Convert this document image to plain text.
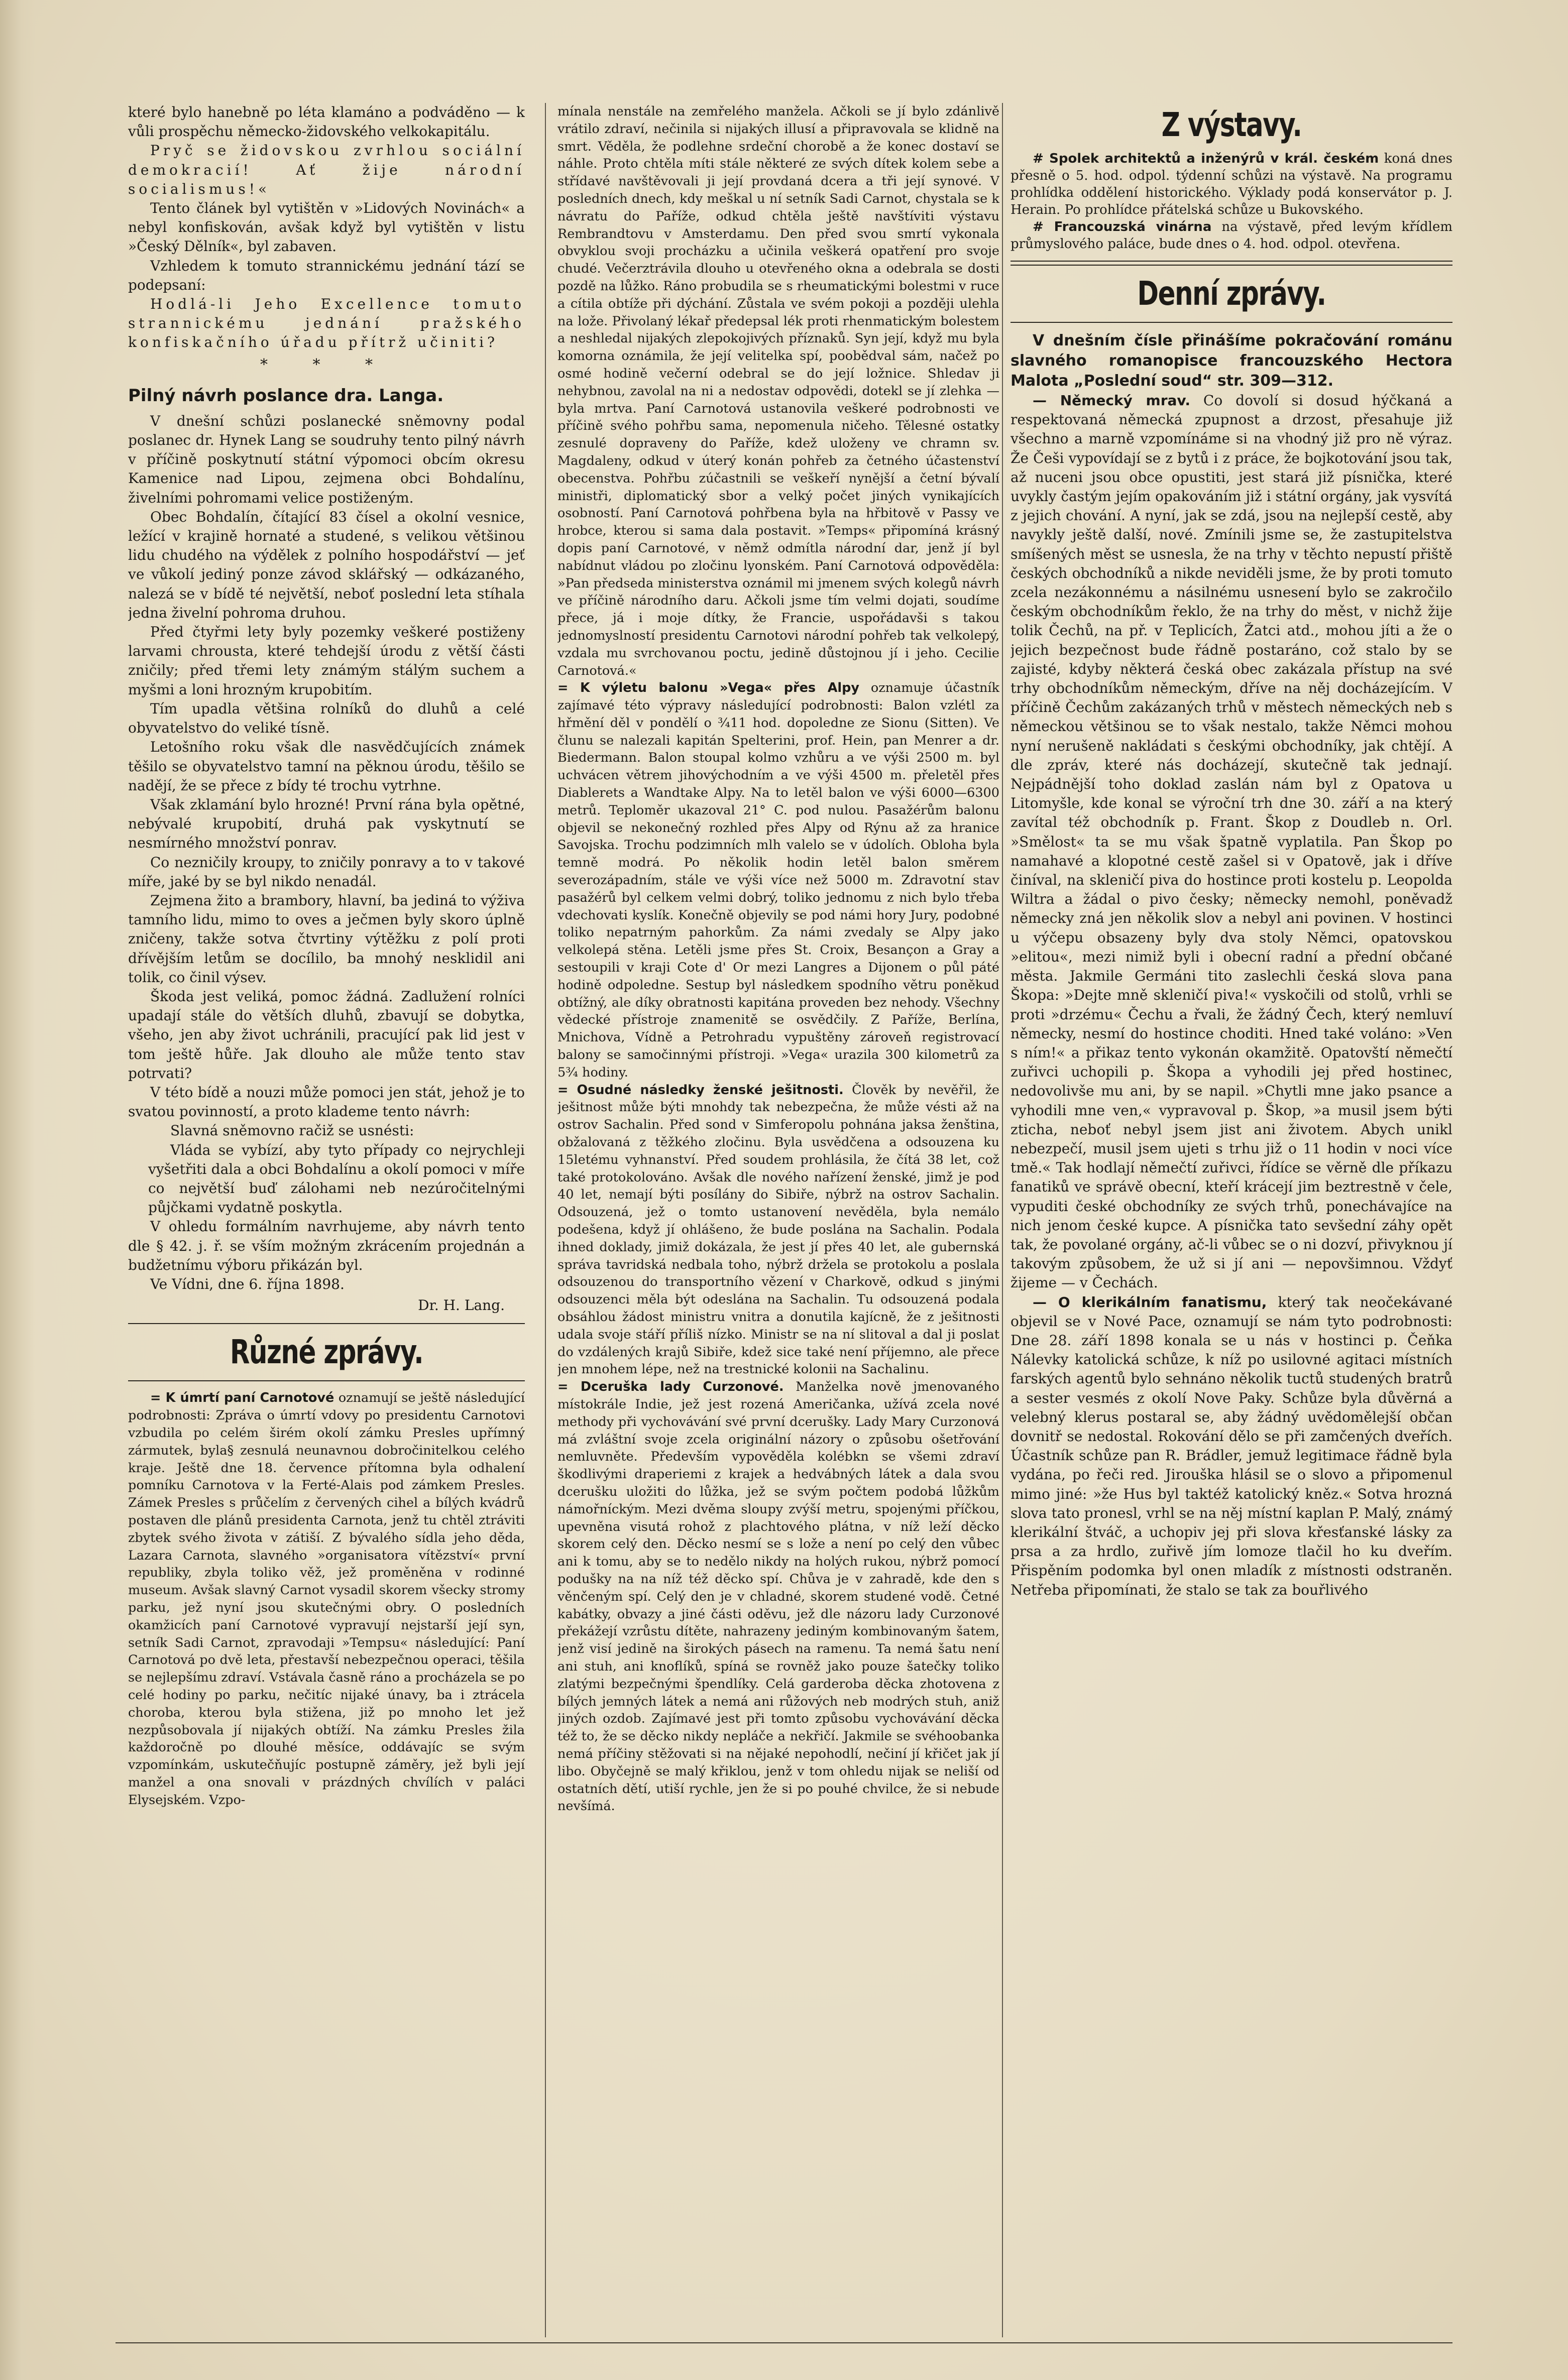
které bylo hanebně po léta klamáno a podváděno — k vůli prospěchu německo-židovského velkokapitálu.

Pryč se židovskou zvrhlou sociální demokracií! Ať žije národní socialismus!«

Tento článek byl vytištěn v »Lidových Novinách« a nebyl konfiskován, avšak když byl vytištěn v listu »Český Dělník«, byl zabaven.

Vzhledem k tomuto strannickému jednání tází se podepsaní:

Hodlá-li Jeho Excellence tomuto strannickému jednání pražského konfiskačního úřadu přítrž učiniti?

* * *

Pilný návrh poslance dra. Langa.

V dnešní schůzi poslanecké sněmovny podal poslanec dr. Hynek Lang se soudruhy tento pilný návrh v příčině poskytnutí státní výpomoci obcím okresu Kamenice nad Lipou, zejmena obci Bohdalínu, živelními pohromami velice postiženým.

Obec Bohdalín, čítající 83 čísel a okolní vesnice, ležící v krajině hornaté a studené, s velikou většinou lidu chudého na výdělek z polního hospodářství — jeť ve vůkolí jediný ponze závod sklářský — odkázaného, nalezá se v bídě té největší, neboť poslední leta stíhala jedna živelní pohroma druhou.

Před čtyřmi lety byly pozemky veškeré postiženy larvami chrousta, které tehdejší úrodu z větší části zničily; před třemi lety známým stálým suchem a myšmi a loni hrozným krupobitím.

Tím upadla většina rolníků do dluhů a celé obyvatelstvo do veliké tísně.

Letošního roku však dle nasvědčujících známek těšilo se obyvatelstvo tamní na pěknou úrodu, těšilo se nadějí, že se přece z bídy té trochu vytrhne.

Však zklamání bylo hrozné! První rána byla opětné, nebývalé krupobití, druhá pak vyskytnutí se nesmírného množství ponrav.

Co nezničily kroupy, to zničily ponravy a to v takové míře, jaké by se byl nikdo nenadál.

Zejmena žito a brambory, hlavní, ba jediná to výživa tamního lidu, mimo to oves a ječmen byly skoro úplně zničeny, takže sotva čtvrtiny výtěžku z polí proti dřívějším letům se docílilo, ba mnohý nesklidil ani tolik, co činil výsev.

Škoda jest veliká, pomoc žádná. Zadlužení rolníci upadají stále do větších dluhů, zbavují se dobytka, všeho, jen aby život uchránili, pracující pak lid jest v tom ještě hůře. Jak dlouho ale může tento stav potrvati?

V této bídě a nouzi může pomoci jen stát, jehož je to svatou povinností, a proto klademe tento návrh:

Slavná sněmovno račiž se usnésti:

Vláda se vybízí, aby tyto případy co nejrychleji vyšetřiti dala a obci Bohdalínu a okolí pomoci v míře co největší buď zálohami neb nezúročitelnými půjčkami vydatně poskytla.

V ohledu formálním navrhujeme, aby návrh tento dle § 42. j. ř. se vším možným zkrácením projednán a budžetnímu výboru přikázán byl.

Ve Vídni, dne 6. října 1898.

Dr. H. Lang.

Různé zprávy.

= K úmrtí paní Carnotové oznamují se ještě následující podrobnosti: Zpráva o úmrtí vdovy po presidentu Carnotovi vzbudila po celém širém okolí zámku Presles upřímný zármutek, byla§ zesnulá neunavnou dobročinitelkou celého kraje. Ještě dne 18. července přítomna byla odhalení pomníku Carnotova v la Ferté-Alais pod zámkem Presles. Zámek Presles s průčelím z červených cihel a bílých kvádrů postaven dle plánů presidenta Carnota, jenž tu chtěl ztráviti zbytek svého života v zátiší. Z bývalého sídla jeho děda, Lazara Carnota, slavného »organisatora vítězství« první republiky, zbyla toliko věž, jež proměněna v rodinné museum. Avšak slavný Carnot vysadil skorem všecky stromy parku, jež nyní jsou skutečnými obry. O posledních okamžicích paní Carnotové vypravují nejstarší její syn, setník Sadi Carnot, zpravodaji »Tempsu« následující: Paní Carnotová po dvě leta, přestavší nebezpečnou operaci, těšila se nejlepšímu zdraví. Vstávala časně ráno a procházela se po celé hodiny po parku, nečitíc nijaké únavy, ba i ztrácela choroba, kterou byla stižena, již po mnoho let jež nezpůsobovala jí nijakých obtíží. Na zámku Presles žila každoročně po dlouhé měsíce, oddávajíc se svým vzpomínkám, uskutečňujíc postupně záměry, jež byli její manžel a ona snovali v prázdných chvílích v paláci Elysejském. Vzpo-

mínala nenstále na zemřelého manžela. Ačkoli se jí bylo zdánlivě vrátilo zdraví, nečinila si nijakých illusí a připravovala se klidně na smrt. Věděla, že podlehne srdeční chorobě a že konec dostaví se náhle. Proto chtěla míti stále některé ze svých dítek kolem sebe a střídavé navštěvovali ji její provdaná dcera a tři její synové. V posledních dnech, kdy meškal u ní setník Sadi Carnot, chystala se k návratu do Paříže, odkud chtěla ještě navštíviti výstavu Rembrandtovu v Amsterdamu. Den před svou smrtí vykonala obvyklou svoji procházku a učinila veškerá opatření pro svoje chudé. Večerztrávila dlouho u otevřeného okna a odebrala se dosti pozdě na lůžko. Ráno probudila se s rheumatickými bolestmi v ruce a cítila obtíže při dýchání. Zůstala ve svém pokoji a později ulehla na lože. Přivolaný lékař předepsal lék proti rhenmatickým bolestem a neshledal nijakých zlepokojivých příznaků. Syn její, když mu byla komorna oznámila, že její velitelka spí, poobědval sám, načež po osmé hodině večerní odebral se do její ložnice. Shledav ji nehybnou, zavolal na ni a nedostav odpovědi, dotekl se jí zlehka — byla mrtva. Paní Carnotová ustanovila veškeré podrobnosti ve příčině svého pohřbu sama, nepomenula ničeho. Tělesné ostatky zesnulé dopraveny do Paříže, kdež uloženy ve chramn sv. Magdaleny, odkud v úterý konán pohřeb za četného účastenství obecenstva. Pohřbu zúčastnili se veškeří nynější a četní bývalí ministři, diplomatický sbor a velký počet jiných vynikajících osobností. Paní Carnotová pohřbena byla na hřbitově v Passy ve hrobce, kterou si sama dala postavit. »Temps« připomíná krásný dopis paní Carnotové, v němž odmítla národní dar, jenž jí byl nabídnut vládou po zločinu lyonském. Paní Carnotová odpověděla: »Pan předseda ministerstva oznámil mi jmenem svých kolegů návrh ve příčině národního daru. Ačkoli jsme tím velmi dojati, soudíme přece, já i moje dítky, že Francie, uspořádavši s takou jednomyslností presidentu Carnotovi národní pohřeb tak velkolepý, vzdala mu svrchovanou poctu, jedině důstojnou jí i jeho. Cecilie Carnotová.«

= K výletu balonu »Vega« přes Alpy oznamuje účastník zajímavé této výpravy následující podrobnosti: Balon vzlétl za hřmění děl v pondělí o ¾11 hod. dopoledne ze Sionu (Sitten). Ve člunu se nalezali kapitán Spelterini, prof. Hein, pan Menrer a dr. Biedermann. Balon stoupal kolmo vzhůru a ve výši 2500 m. byl uchvácen větrem jihovýchodním a ve výši 4500 m. přeletěl přes Diablerets a Wandtake Alpy. Na to letěl balon ve výši 6000—6300 metrů. Teploměr ukazoval 21° C. pod nulou. Pasažérům balonu objevil se nekonečný rozhled přes Alpy od Rýnu až za hranice Savojska. Trochu podzimních mlh valelo se v údolích. Obloha byla temně modrá. Po několik hodin letěl balon směrem severozápadním, stále ve výši více než 5000 m. Zdravotní stav pasažérů byl celkem velmi dobrý, toliko jednomu z nich bylo třeba vdechovati kyslík. Konečně objevily se pod námi hory Jury, podobné toliko nepatrným pahorkům. Za námi zvedaly se Alpy jako velkolepá stěna. Letěli jsme přes St. Croix, Besançon a Gray a sestoupili v kraji Cote d' Or mezi Langres a Dijonem o půl páté hodině odpoledne. Sestup byl následkem spodního větru poněkud obtížný, ale díky obratnosti kapitána proveden bez nehody. Všechny vědecké přístroje znamenitě se osvědčily. Z Paříže, Berlína, Mnichova, Vídně a Petrohradu vypuštěny zároveň registrovací balony se samočinnými přístroji. »Vega« urazila 300 kilometrů za 5¾ hodiny.

= Osudné následky ženské ješitnosti. Člověk by nevěřil, že ješitnost může býti mnohdy tak nebezpečna, že může vésti až na ostrov Sachalin. Před sond v Simferopolu pohnána jaksa ženština, obžalovaná z těžkého zločinu. Byla usvědčena a odsouzena ku 15letému vyhnanství. Před soudem prohlásila, že čítá 38 let, což také protokolováno. Avšak dle nového nařízení ženské, jimž je pod 40 let, nemají býti posílány do Sibiře, nýbrž na ostrov Sachalin. Odsouzená, jež o tomto ustanovení nevěděla, byla nemálo podešena, když jí ohlášeno, že bude poslána na Sachalin. Podala ihned doklady, jimiž dokázala, že jest jí přes 40 let, ale gubernská správa tavridská nedbala toho, nýbrž držela se protokolu a poslala odsouzenou do transportního vězení v Charkově, odkud s jinými odsouzenci měla být odeslána na Sachalin. Tu odsouzená podala obsáhlou žádost ministru vnitra a donutila kajícně, že z ješitnosti udala svoje stáří příliš nízko. Ministr se na ní slitoval a dal ji poslat do vzdálených krajů Sibiře, kdež sice také není příjemno, ale přece jen mnohem lépe, než na trestnické kolonii na Sachalinu.

= Dceruška lady Curzonové. Manželka nově jmenovaného místokrále Indie, jež jest rozená Američanka, užívá zcela nové methody při vychovávání své první dcerušky. Lady Mary Curzonová má zvláštní svoje zcela originální názory o způsobu ošetřování nemluvněte. Především vypověděla kolébkn se všemi zdraví škodlivými draperiemi z krajek a hedvábných látek a dala svou dcerušku uložiti do lůžka, jež se svým počtem podobá lůžkům námořníckým. Mezi dvěma sloupy zvýší metru, spojenými příčkou, upevněna visutá rohož z plachtového plátna, v níž leží děcko skorem celý den. Děcko nesmí se s lože a není po celý den vůbec ani k tomu, aby se to nedělo nikdy na holých rukou, nýbrž pomocí podušky na na níž též děcko spí. Chůva je v zahradě, kde den s věnčeným spí. Celý den je v chladné, skorem studené vodě. Četné kabátky, obvazy a jiné části oděvu, jež dle názoru lady Curzonové překážejí vzrůstu dítěte, nahrazeny jediným kombinovaným šatem, jenž visí jedině na širokých pásech na ramenu. Ta nemá šatu není ani stuh, ani knoflíků, spíná se rovněž jako pouze šatečky toliko zlatými bezpečnými špendlíky. Celá garderoba děcka zhotovena z bílých jemných látek a nemá ani růžových neb modrých stuh, aniž jiných ozdob. Zajímavé jest při tomto způsobu vychovávání děcka též to, že se děcko nikdy nepláče a nekřičí. Jakmile se svéhoobanka nemá příčiny stěžovati si na nějaké nepohodlí, nečiní jí křičet jak jí libo. Obyčejně se malý křiklou, jenž v tom ohledu nijak se neliší od ostatních dětí, utiší rychle, jen že si po pouhé chvilce, že si nebude nevšímá.

Z výstavy.

# Spolek architektů a inženýrů v král. českém koná dnes přesně o 5. hod. odpol. týdenní schůzi na výstavě. Na programu prohlídka oddělení historického. Výklady podá konservátor p. J. Herain. Po prohlídce přátelská schůze u Bukovského.

# Francouzská vinárna na výstavě, před levým křídlem průmyslového paláce, bude dnes o 4. hod. odpol. otevřena.

Denní zprávy.

V dnešním čísle přinášíme pokračování románu slavného romanopisce francouzského Hectora Malota „Poslední soud“ str. 309—312.

— Německý mrav. Co dovolí si dosud hýčkaná a respektovaná německá zpupnost a drzost, přesahuje již všechno a marně vzpomínáme si na vhodný již pro ně výraz. Že Češi vypovídají se z bytů i z práce, že bojkotování jsou tak, až nuceni jsou obce opustiti, jest stará již písnička, které uvykly častým jejím opakováním již i státní orgány, jak vysvítá z jejich chování. A nyní, jak se zdá, jsou na nejlepší cestě, aby navykly ještě další, nové. Zmínili jsme se, že zastupitelstva smíšených měst se usnesla, že na trhy v těchto nepustí přiště českých obchodníků a nikde neviděli jsme, že by proti tomuto zcela nezákonnému a násilnému usnesení bylo se zakročilo českým obchodníkům řeklo, že na trhy do měst, v nichž žije tolik Čechů, na př. v Teplicích, Žatci atd., mohou jíti a že o jejich bezpečnost bude řádně postaráno, což stalo by se zajisté, kdyby některá česká obec zakázala přístup na své trhy obchodníkům německým, dříve na něj docházejícím. V příčině Čechům zakázaných trhů v městech německých neb s německou většinou se to však nestalo, takže Němci mohou nyní nerušeně nakládati s českými obchodníky, jak chtějí. A dle zpráv, které nás docházejí, skutečně tak jednají. Nejpádnější toho doklad zaslán nám byl z Opatova u Litomyšle, kde konal se výroční trh dne 30. září a na který zavítal též obchodník p. Frant. Škop z Doudleb n. Orl. »Smělost« ta se mu však špatně vyplatila. Pan Škop po namahavé a klopotné cestě zašel si v Opatově, jak i dříve činíval, na skleničí piva do hostince proti kostelu p. Leopolda Wiltra a žádal o pivo česky; německy nemohl, poněvadž německy zná jen několik slov a nebyl ani povinen. V hostinci u výčepu obsazeny byly dva stoly Němci, opatovskou »elitou«, mezi nimiž byli i obecní radní a přední občané města. Jakmile Germáni tito zaslechli česká slova pana Škopa: »Dejte mně skleničí piva!« vyskočili od stolů, vrhli se proti »drzému« Čechu a řvali, že žádný Čech, který nemluví německy, nesmí do hostince choditi. Hned také voláno: »Ven s ním!« a přikaz tento vykonán okamžitě. Opatovští němečtí zuřivci uchopili p. Škopa a vyhodili jej před hostinec, nedovolivše mu ani, by se napil. »Chytli mne jako psance a vyhodili mne ven,« vypravoval p. Škop, »a musil jsem býti zticha, neboť nebyl jsem jist ani životem. Abych unikl nebezpečí, musil jsem ujeti s trhu již o 11 hodin v noci více tmě.« Tak hodlají němečtí zuřivci, řídíce se věrně dle příkazu fanatiků ve správě obecní, kteří krácejí jim beztrestně v čele, vypuditi české obchodníky ze svých trhů, ponechávajíce na nich jenom české kupce. A písnička tato sevšední záhy opět tak, že povolané orgány, ač-li vůbec se o ni dozví, přivyknou jí takovým způsobem, že už si jí ani — nepovšimnou. Vždyť žijeme — v Čechách.

— O klerikálním fanatismu, který tak neočekávané objevil se v Nové Pace, oznamují se nám tyto podrobnosti: Dne 28. září 1898 konala se u nás v hostinci p. Čeňka Nálevky katolická schůze, k níž po usilovné agitaci místních farských agentů bylo sehnáno několik tuctů studených bratrů a sester vesmés z okolí Nove Paky. Schůze byla důvěrná a velebný klerus postaral se, aby žádný uvědomělejší občan dovnitř se nedostal. Rokování dělo se při zamčených dveřích. Účastník schůze pan R. Brádler, jemuž legitimace řádně byla vydána, po řeči red. Jirouška hlásil se o slovo a připomenul mimo jiné: »že Hus byl taktéž katolický kněz.« Sotva hrozná slova tato pronesl, vrhl se na něj místní kaplan P. Malý, známý klerikální štváč, a uchopiv jej při slova křesťanské lásky za prsa a za hrdlo, zuřivě jím lomoze tlačil ho ku dveřím. Přispěním podomka byl onen mladík z místnosti odstraněn. Netřeba připomínati, že stalo se tak za bouřlivého
